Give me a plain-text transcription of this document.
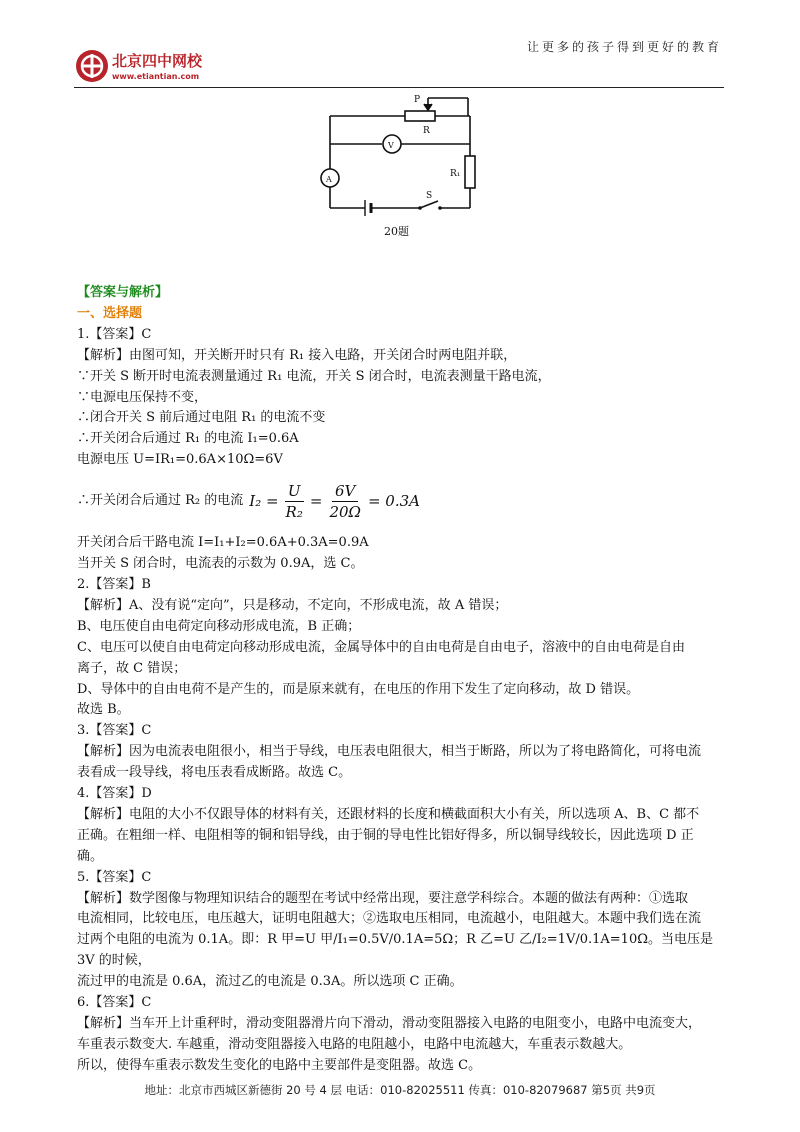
北京四中网校
www.etiantian.com
让更多的孩子得到更好的教育
P
R
V
A
R₁
S
20题

【答案与解析】

一、选择题

1.【答案】C

【解析】由图可知，开关断开时只有 R₁ 接入电路，开关闭合时两电阻并联，

∵开关 S 断开时电流表测量通过 R₁ 电流，开关 S 闭合时，电流表测量干路电流，

∵电源电压保持不变，

∴闭合开关 S 前后通过电阻 R₁ 的电流不变

∴开关闭合后通过 R₁ 的电流 I₁=0.6A

电源电压 U=IR₁=0.6A×10Ω=6V

∴开关闭合后通过 R₂ 的电流 $I_2 = \frac{U}{\text{R₂}} = \frac{6V}{20\Omega} = 0.3A$

开关闭合后干路电流 I=I₁+I₂=0.6A+0.3A=0.9A

当开关 S 闭合时，电流表的示数为 0.9A，选 C。

2.【答案】B

【解析】A、没有说“定向”，只是移动，不定向，不形成电流，故 A 错误；

B、电压使自由电荷定向移动形成电流，B 正确；

C、电压可以使自由电荷定向移动形成电流，金属导体中的自由电荷是自由电子，溶液中的自由电荷是自由

离子，故 C 错误；

D、导体中的自由电荷不是产生的，而是原来就有，在电压的作用下发生了定向移动，故 D 错误。

故选 B。

3.【答案】C

【解析】因为电流表电阻很小，相当于导线，电压表电阻很大，相当于断路，所以为了将电路简化，可将电流

表看成一段导线，将电压表看成断路。故选 C。

4.【答案】D

【解析】电阻的大小不仅跟导体的材料有关，还跟材料的长度和横截面积大小有关，所以选项 A、B、C 都不

正确。在粗细一样、电阻相等的铜和铝导线，由于铜的导电性比铝好得多，所以铜导线较长，因此选项 D 正

确。

5.【答案】C

【解析】数学图像与物理知识结合的题型在考试中经常出现，要注意学科综合。本题的做法有两种：①选取

电流相同，比较电压，电压越大，证明电阻越大；②选取电压相同，电流越小，电阻越大。本题中我们选在流

过两个电阻的电流为 0.1A。即：R 甲=U 甲/I₁=0.5V/0.1A=5Ω；R 乙=U 乙/I₂=1V/0.1A=10Ω。当电压是 3V 的时候，

流过甲的电流是 0.6A，流过乙的电流是 0.3A。所以选项 C 正确。

6.【答案】C

【解析】当车开上计重秤时，滑动变阻器滑片向下滑动，滑动变阻器接入电路的电阻变小，电路中电流变大，

车重表示数变大. 车越重，滑动变阻器接入电路的电阻越小，电路中电流越大，车重表示数越大。

所以，使得车重表示数发生变化的电路中主要部件是变阻器。故选 C。

地址：北京市西城区新德街 20 号 4 层 电话：010-82025511 传真：010-82079687 第5页 共9页
